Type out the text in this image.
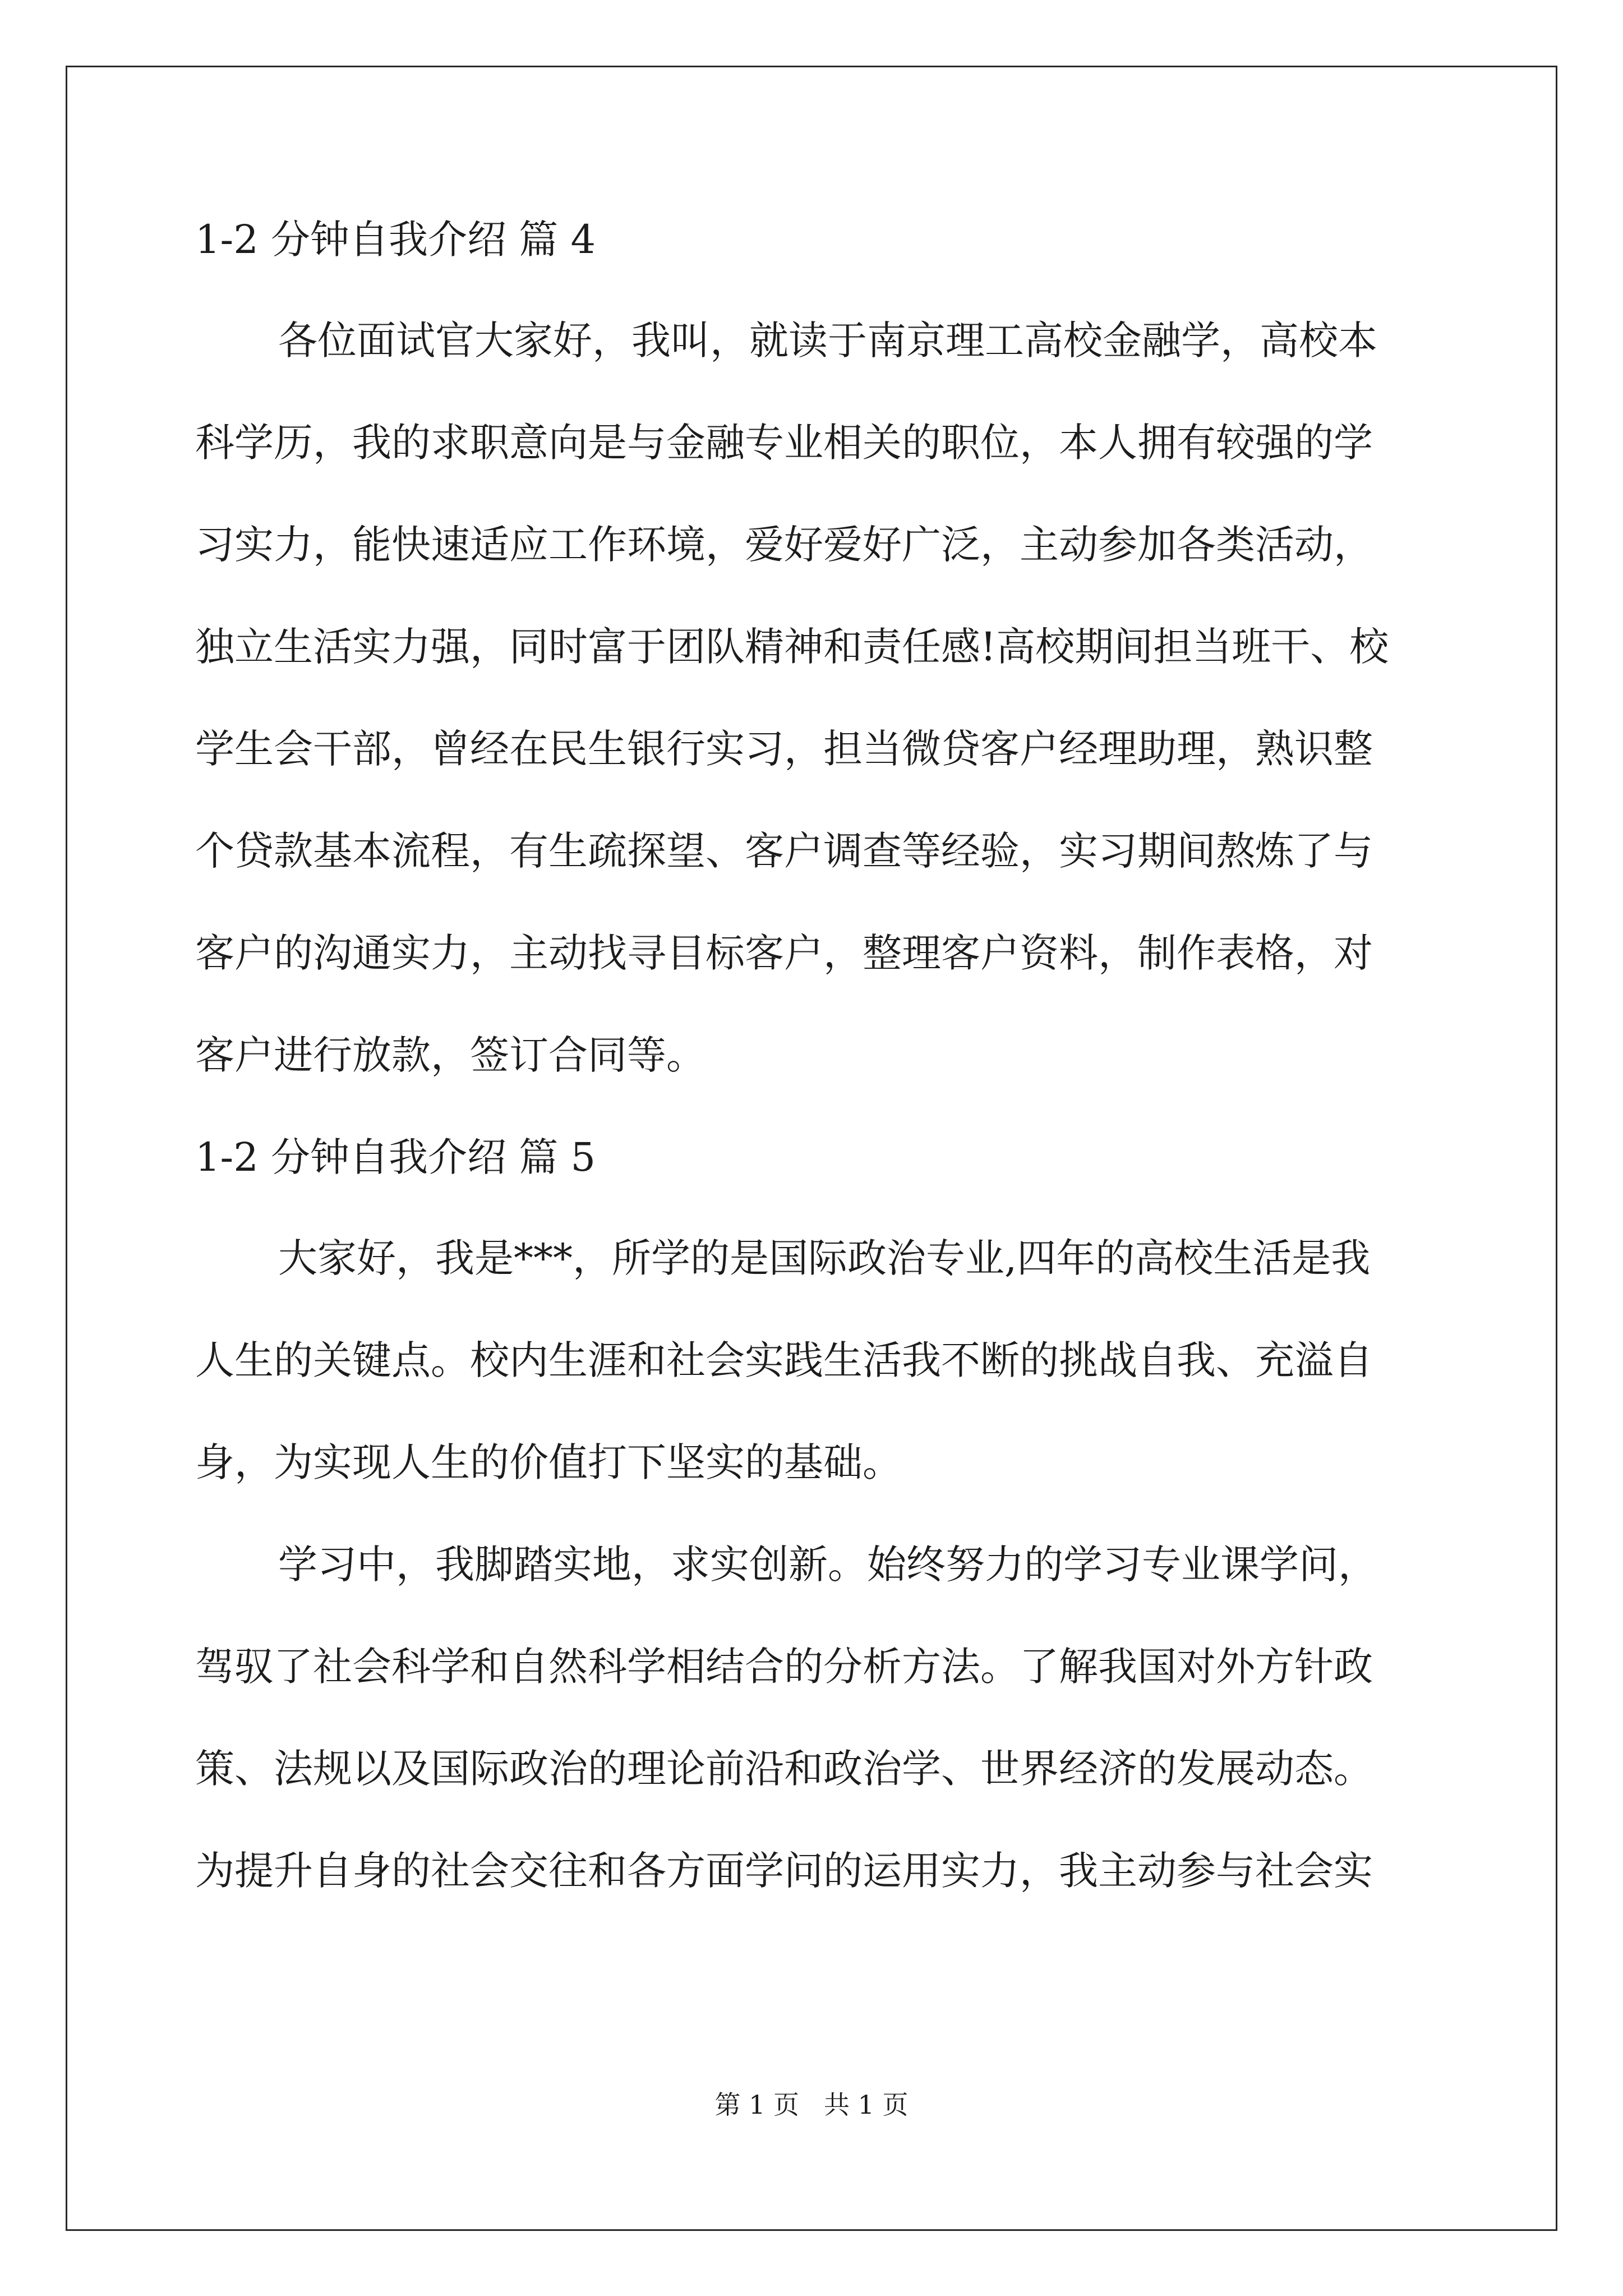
1-2 分钟自我介绍 篇 4

各位面试官大家好，我叫，就读于南京理工高校金融学，高校本

科学历，我的求职意向是与金融专业相关的职位，本人拥有较强的学

习实力，能快速适应工作环境，爱好爱好广泛，主动参加各类活动，

独立生活实力强，同时富于团队精神和责任感!高校期间担当班干、校

学生会干部，曾经在民生银行实习，担当微贷客户经理助理，熟识整

个贷款基本流程，有生疏探望、客户调查等经验，实习期间熬炼了与

客户的沟通实力，主动找寻目标客户，整理客户资料，制作表格，对

客户进行放款，签订合同等。

1-2 分钟自我介绍 篇 5

大家好，我是***，所学的是国际政治专业,四年的高校生活是我

人生的关键点。校内生涯和社会实践生活我不断的挑战自我、充溢自

身，为实现人生的价值打下坚实的基础。

学习中，我脚踏实地，求实创新。始终努力的学习专业课学问，

驾驭了社会科学和自然科学相结合的分析方法。了解我国对外方针政

策、法规以及国际政治的理论前沿和政治学、世界经济的发展动态。

为提升自身的社会交往和各方面学问的运用实力，我主动参与社会实

第 1 页 共 1 页
